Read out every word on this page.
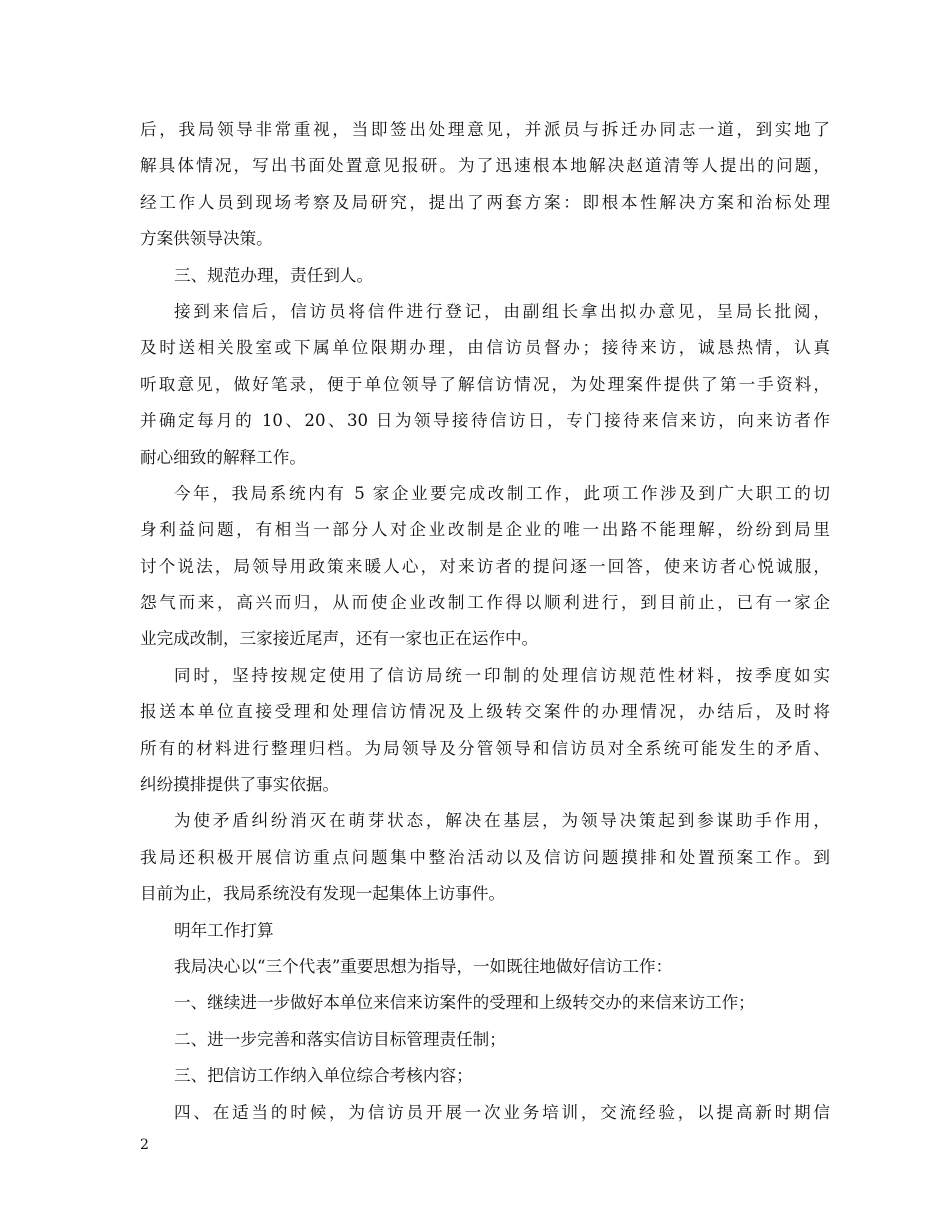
后，我局领导非常重视，当即签出处理意见，并派员与拆迁办同志一道，到实地了
解具体情况，写出书面处置意见报研。为了迅速根本地解决赵道清等人提出的问题，
经工作人员到现场考察及局研究，提出了两套方案：即根本性解决方案和治标处理
方案供领导决策。
三、规范办理，责任到人。
接到来信后，信访员将信件进行登记，由副组长拿出拟办意见，呈局长批阅，
及时送相关股室或下属单位限期办理，由信访员督办；接待来访，诚恳热情，认真
听取意见，做好笔录，便于单位领导了解信访情况，为处理案件提供了第一手资料，
并确定每月的 10、20、30 日为领导接待信访日，专门接待来信来访，向来访者作
耐心细致的解释工作。
今年，我局系统内有 5 家企业要完成改制工作，此项工作涉及到广大职工的切
身利益问题，有相当一部分人对企业改制是企业的唯一出路不能理解，纷纷到局里
讨个说法，局领导用政策来暖人心，对来访者的提问逐一回答，使来访者心悦诚服，
怨气而来，高兴而归，从而使企业改制工作得以顺利进行，到目前止，已有一家企
业完成改制，三家接近尾声，还有一家也正在运作中。
同时，坚持按规定使用了信访局统一印制的处理信访规范性材料，按季度如实
报送本单位直接受理和处理信访情况及上级转交案件的办理情况，办结后，及时将
所有的材料进行整理归档。为局领导及分管领导和信访员对全系统可能发生的矛盾、
纠纷摸排提供了事实依据。
为使矛盾纠纷消灭在萌芽状态，解决在基层，为领导决策起到参谋助手作用，
我局还积极开展信访重点问题集中整治活动以及信访问题摸排和处置预案工作。到
目前为止，我局系统没有发现一起集体上访事件。
明年工作打算
我局决心以“三个代表”重要思想为指导，一如既往地做好信访工作：
一、继续进一步做好本单位来信来访案件的受理和上级转交办的来信来访工作；
二、进一步完善和落实信访目标管理责任制；
三、把信访工作纳入单位综合考核内容；
四、在适当的时候，为信访员开展一次业务培训，交流经验，以提高新时期信
2
